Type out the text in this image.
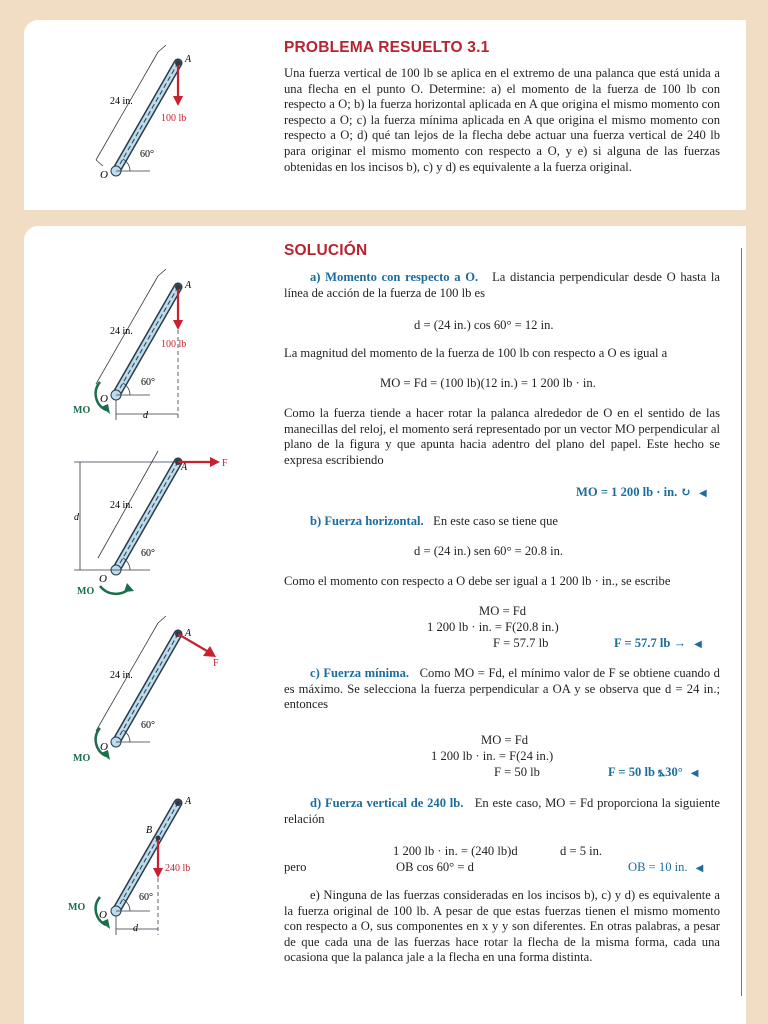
A
O
24 in.
100 lb
60°
A
O
24 in.
100 lb
60°
MO	d
A	F
O
24 in.
60°
d
MO
A
F
O
24 in.
60°
MO
A
B
O
240 lb
60°
MO
d
PROBLEMA RESUELTO 3.1
Una fuerza vertical de 100 lb se aplica en el extremo de una palanca que está unida a una flecha en el punto O. Determine: a) el momento de la fuerza de 100 lb con respecto a O; b) la fuerza horizontal aplicada en A que origina el mismo momento con respecto a O; c) la fuerza mínima aplicada en A que origina el mismo momento con respecto a O; d) qué tan lejos de la flecha debe actuar una fuerza vertical de 240 lb para originar el mismo momento con respecto a O, y e) si alguna de las fuerzas obtenidas en los incisos b), c) y d) es equivalente a la fuerza original.
SOLUCIÓN
a) Momento con respecto a O. La distancia perpendicular desde O hasta la línea de acción de la fuerza de 100 lb es
d = (24 in.) cos 60° = 12 in.
La magnitud del momento de la fuerza de 100 lb con respecto a O es igual a
MO = Fd = (100 lb)(12 in.) = 1 200 lb · in.
Como la fuerza tiende a hacer rotar la palanca alrededor de O en el sentido de las manecillas del reloj, el momento será representado por un vector MO perpendicular al plano de la figura y que apunta hacia adentro del plano del papel. Este hecho se expresa escribiendo
MO = 1 200 lb · in. ↻ ◀
b) Fuerza horizontal. En este caso se tiene que
d = (24 in.) sen 60° = 20.8 in.
Como el momento con respecto a O debe ser igual a 1 200 lb · in., se escribe
MO = Fd
1 200 lb · in. = F(20.8 in.)
F = 57.7 lb	F = 57.7 lb → ◀
c) Fuerza mínima. Como MO = Fd, el mínimo valor de F se obtiene cuando d es máximo. Se selecciona la fuerza perpendicular a OA y se observa que d = 24 in.; entonces
MO = Fd
1 200 lb · in. = F(24 in.)
F = 50 lb	F = 50 lb ⦩30° ◀
d) Fuerza vertical de 240 lb. En este caso, MO = Fd proporciona la siguiente relación
1 200 lb · in. = (240 lb)d	d = 5 in.
pero	OB cos 60° = d	OB = 10 in. ◀
e) Ninguna de las fuerzas consideradas en los incisos b), c) y d) es equivalente a la fuerza original de 100 lb. A pesar de que estas fuerzas tienen el mismo momento con respecto a O, sus componentes en x y y son diferentes. En otras palabras, a pesar de que cada una de las fuerzas hace rotar la flecha de la misma forma, cada una ocasiona que la palanca jale a la flecha en una forma distinta.
